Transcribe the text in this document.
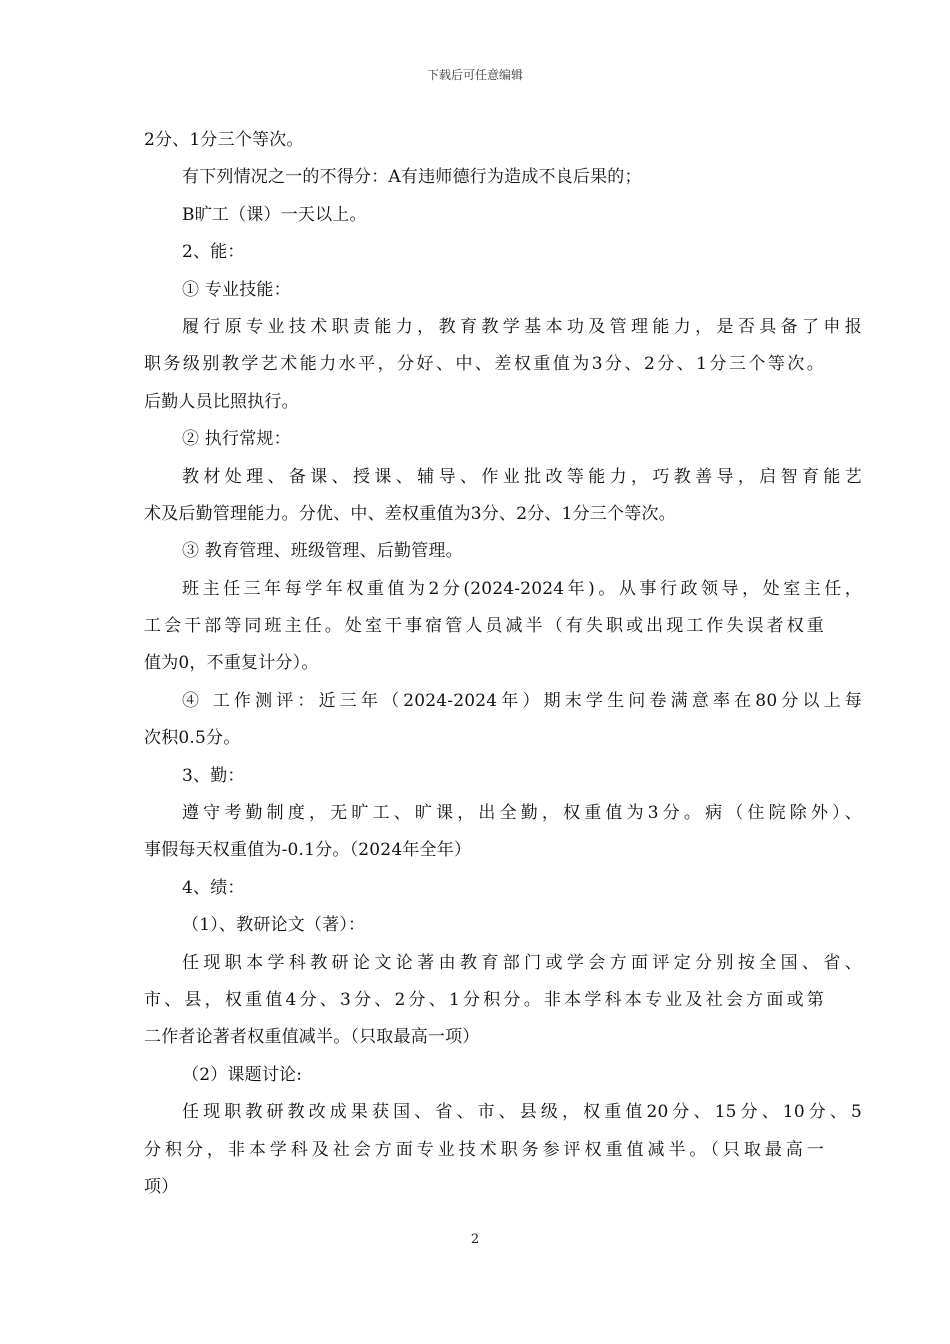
下载后可任意编辑
2分、1分三个等次。
有下列情况之一的不得分：A有违师德行为造成不良后果的；
B旷工（课）一天以上。
2、能：
① 专业技能：
履行原专业技术职责能力，教育教学基本功及管理能力，是否具备了申报
职务级别教学艺术能力水平，分好、中、差权重值为3分、2分、1分三个等次。
后勤人员比照执行。
② 执行常规：
教材处理、备课、授课、辅导、作业批改等能力，巧教善导，启智育能艺
术及后勤管理能力。分优、中、差权重值为3分、2分、1分三个等次。
③ 教育管理、班级管理、后勤管理。
班主任三年每学年权重值为2分(2024-2024年)。从事行政领导，处室主任，
工会干部等同班主任。处室干事宿管人员减半（有失职或出现工作失误者权重
值为0，不重复计分）。
④ 工作测评：近三年（2024-2024年）期末学生问卷满意率在80分以上每
次积0.5分。
3、勤：
遵守考勤制度，无旷工、旷课，出全勤，权重值为3分。病（住院除外）、
事假每天权重值为-0.1分。（2024年全年）
4、绩：
（1）、教研论文（著）：
任现职本学科教研论文论著由教育部门或学会方面评定分别按全国、省、
市、县，权重值4分、3分、2分、1分积分。非本学科本专业及社会方面或第
二作者论著者权重值减半。（只取最高一项）
（2）课题讨论:
任现职教研教改成果获国、省、市、县级，权重值20分、15分、10分、5
分积分，非本学科及社会方面专业技术职务参评权重值减半。（只取最高一
项）
2
